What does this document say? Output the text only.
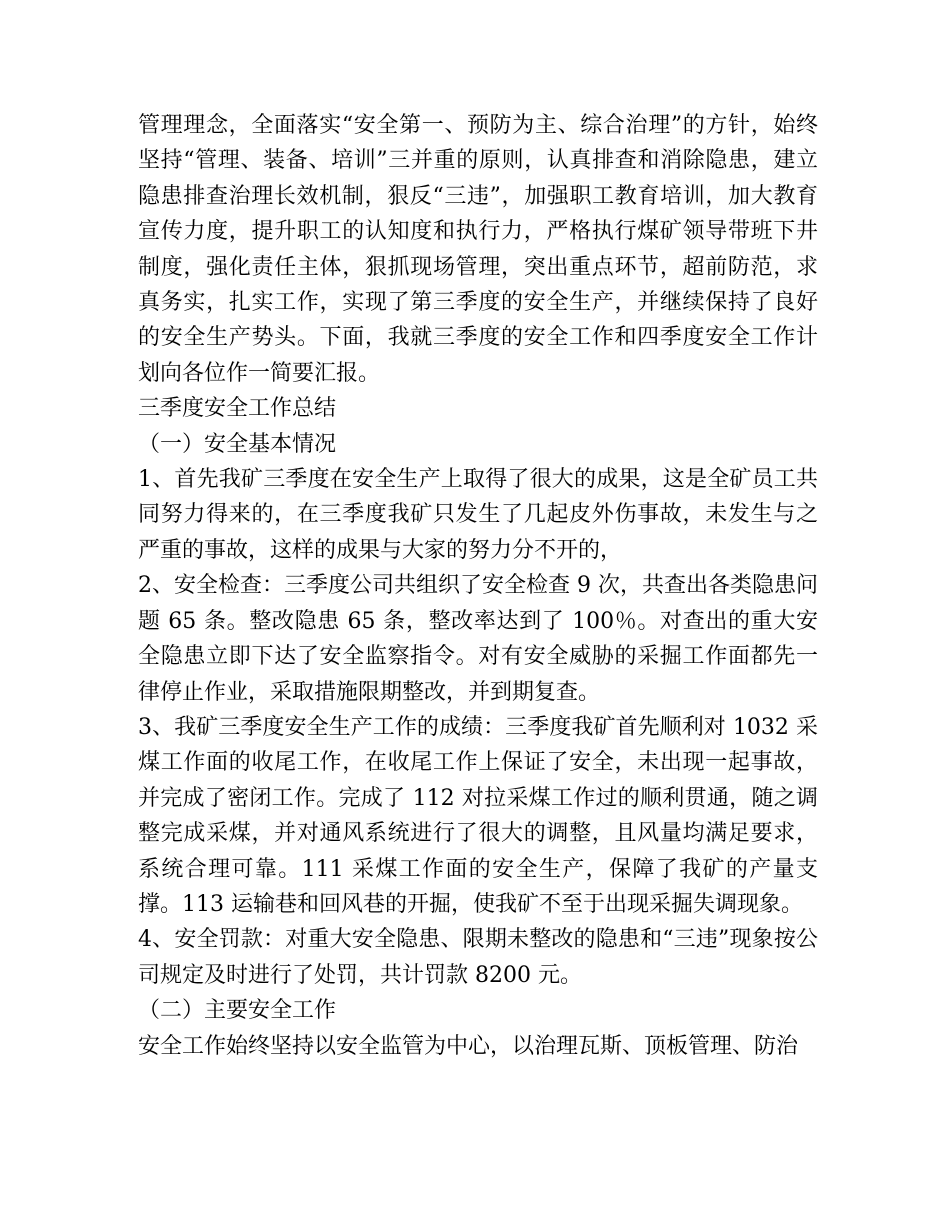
管理理念，全面落实“安全第一、预防为主、综合治理”的方针，始终坚持“管理、装备、培训”三并重的原则，认真排查和消除隐患，建立隐患排查治理长效机制，狠反“三违”，加强职工教育培训，加大教育宣传力度，提升职工的认知度和执行力，严格执行煤矿领导带班下井制度，强化责任主体，狠抓现场管理，突出重点环节，超前防范，求真务实，扎实工作，实现了第三季度的安全生产，并继续保持了良好的安全生产势头。下面，我就三季度的安全工作和四季度安全工作计划向各位作一简要汇报。

三季度安全工作总结

（一）安全基本情况

1、首先我矿三季度在安全生产上取得了很大的成果，这是全矿员工共同努力得来的，在三季度我矿只发生了几起皮外伤事故，未发生与之严重的事故，这样的成果与大家的努力分不开的，

2、安全检查：三季度公司共组织了安全检查 9 次，共查出各类隐患问题 65 条。整改隐患 65 条，整改率达到了 100％。对查出的重大安全隐患立即下达了安全监察指令。对有安全威胁的采掘工作面都先一律停止作业，采取措施限期整改，并到期复查。

3、我矿三季度安全生产工作的成绩：三季度我矿首先顺利对 1032 采煤工作面的收尾工作，在收尾工作上保证了安全，未出现一起事故，并完成了密闭工作。完成了 112 对拉采煤工作过的顺利贯通，随之调整完成采煤，并对通风系统进行了很大的调整，且风量均满足要求，系统合理可靠。111 采煤工作面的安全生产，保障了我矿的产量支撑。113 运输巷和回风巷的开掘，使我矿不至于出现采掘失调现象。

4、安全罚款：对重大安全隐患、限期未整改的隐患和“三违”现象按公司规定及时进行了处罚，共计罚款 8200 元。

（二）主要安全工作

安全工作始终坚持以安全监管为中心，以治理瓦斯、顶板管理、防治
